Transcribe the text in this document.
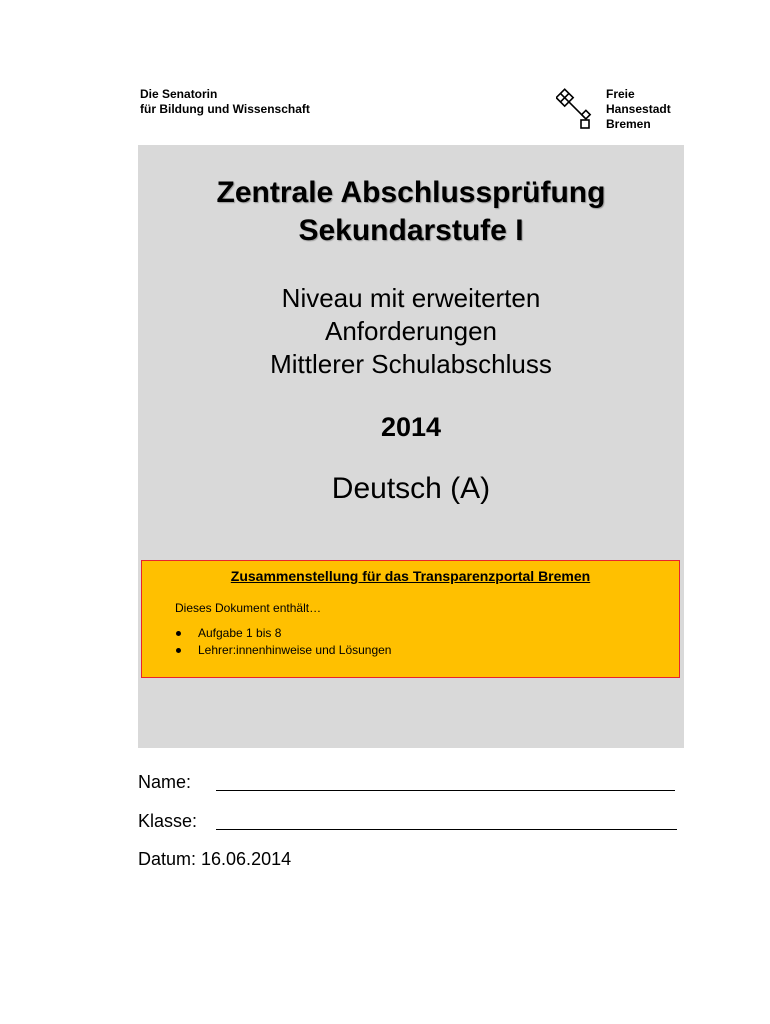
Die Senatorin
für Bildung und Wissenschaft
Freie
Hansestadt
Bremen
Zentrale Abschlussprüfung
Sekundarstufe I
Niveau mit erweiterten
Anforderungen
Mittlerer Schulabschluss
2014
Deutsch (A)
Zusammenstellung für das Transparenzportal Bremen
Dieses Dokument enthält…
Aufgabe 1 bis 8
Lehrer:innenhinweise und Lösungen
Name:
Klasse:
Datum: 16.06.2014
